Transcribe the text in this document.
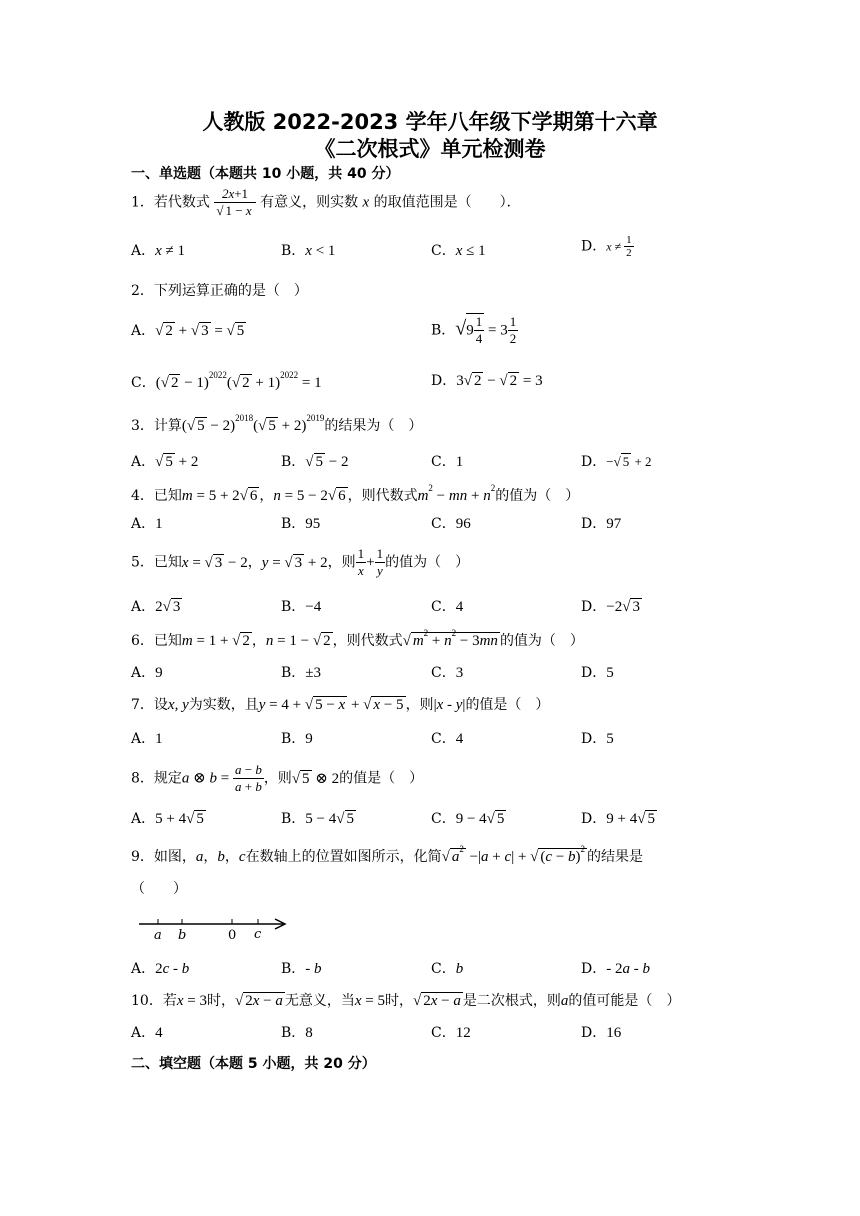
人教版 2022-2023 学年八年级下学期第十六章
《二次根式》单元检测卷
一、单选题（本题共 10 小题，共 40 分）
1．若代数式 $\frac{2x+1}{√ 1 - x}$ 有意义，则实数 x 的取值范围是（　　）．
A．x ≠ 1	B．x < 1	C．x ≤ 1	D．$x \ne \frac{1}{2}$
2．下列运算正确的是（　）
A．√ 2 + √ 3 = √ 5	B．$√9 \frac{1}{4} = 3 \frac{1}{2}$
C．(√ 2 − 1)$^{2022}$(√ 2 + 1)$^{2022}$ = 1	D．3√ 2 − √ 2 = 3
3．计算(√ 5 − 2)$^{2018}$(√ 5 + 2)$^{2019}$的结果为（　）
A．√ 5 + 2	B．√ 5 − 2	C．1	D．−√ 5 + 2
4．已知m = 5 + 2√ 6 ，n = 5 − 2√ 6 ，则代数式$m^2$ − mn + $n^2$的值为（　）
A．1	B．95	C．96	D．97
5．已知x = √ 3 − 2，y = √ 3 + 2，则 $\frac{1}{x} + \frac{1}{y}$ 的值为（　）
A．2√ 3	B．−4	C．4	D．−2√ 3
6．已知m = 1 + √ 2 ，n = 1 − √ 2 ，则代数式√ $m^2 + n^2 - 3mn$ 的值为（　）
A．9	B．±3	C．3	D．5
7．设x, y为实数，且y = 4 + √ 5 − x + √ x − 5 ，则|x - y|的值是（　）
A．1	B．9	C．4	D．5
8．规定a ⊗ $b = \frac{a - b}{a + b}$ ，则√ 5 ⊗ 2的值是（　）
A．5 + 4√ 5	B．5 − 4√ 5	C．9 − 4√ 5	D．9 + 4√ 5
9．如图，a，b，c在数轴上的位置如图所示，化简√ $a^2 -|a + c|$ + √ $(c - b)^2$ 的结果是
（　　）
a b	0 c
A．2c - b	B．- b	C．b	D．- 2a - b
10．若x = 3时，√ 2x − a 无意义，当x = 5时，√ 2x − a 是二次根式，则a的值可能是（　）
A．4	B．8	C．12	D．16
二、填空题（本题 5 小题，共 20 分）
